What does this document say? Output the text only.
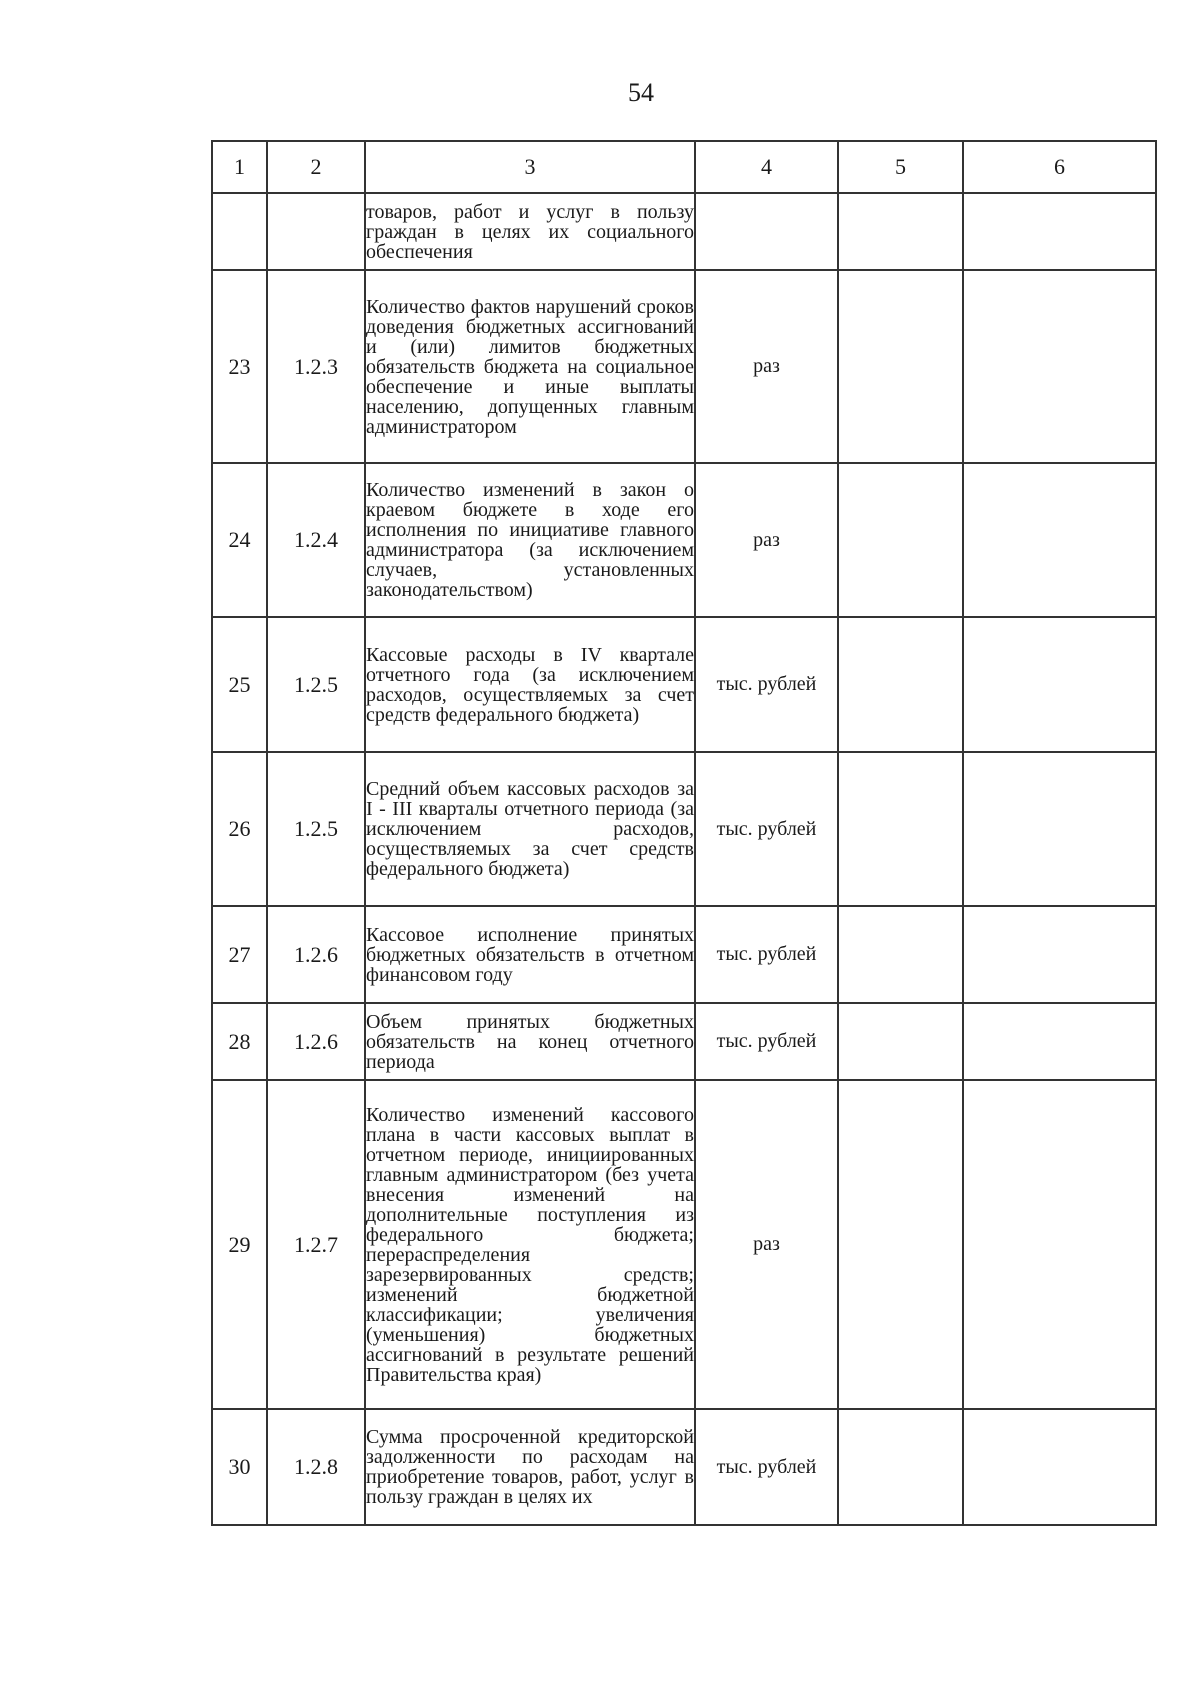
54
1	2	3	4	5	6

		товаров, работ и услуг в пользу граждан в целях их социального обеспечения			

23	1.2.3	Количество фактов нарушений сроков доведения бюджетных ассигнований и (или) лимитов бюджетных обязательств бюджета на социальное обеспечение и иные выплаты населению, допущенных главным администратором	раз		
24	1.2.4	Количество изменений в закон о краевом бюджете в ходе его исполнения по инициативе главного администратора (за исключением случаев, установленных законодательством)	раз		
25	1.2.5	Кассовые расходы в IV квартале отчетного года (за исключением расходов, осуществляемых за счет средств федерального бюджета)	тыс. рублей		
26	1.2.5	Средний объем кассовых расходов за I - III кварталы отчетного периода (за исключением расходов, осуществляемых за счет средств федерального бюджета)	тыс. рублей		
27	1.2.6	Кассовое исполнение принятых бюджетных обязательств в отчетном финансовом году	тыс. рублей		
28	1.2.6	Объем принятых бюджетных обязательств на конец отчетного периода	тыс. рублей		
29	1.2.7	Количество изменений кассового плана в части кассовых выплат в отчетном периоде, инициированных главным администратором (без учета внесения изменений на дополнительные поступления из федерального бюджета; перераспределения зарезервированных средств; изменений бюджетной классификации; увеличения (уменьшения) бюджетных ассигнований в результате решений Правительства края)	раз		
30	1.2.8	Сумма просроченной кредиторской задолженности по расходам на приобретение товаров, работ, услуг в пользу граждан в целях их	тыс. рублей		
